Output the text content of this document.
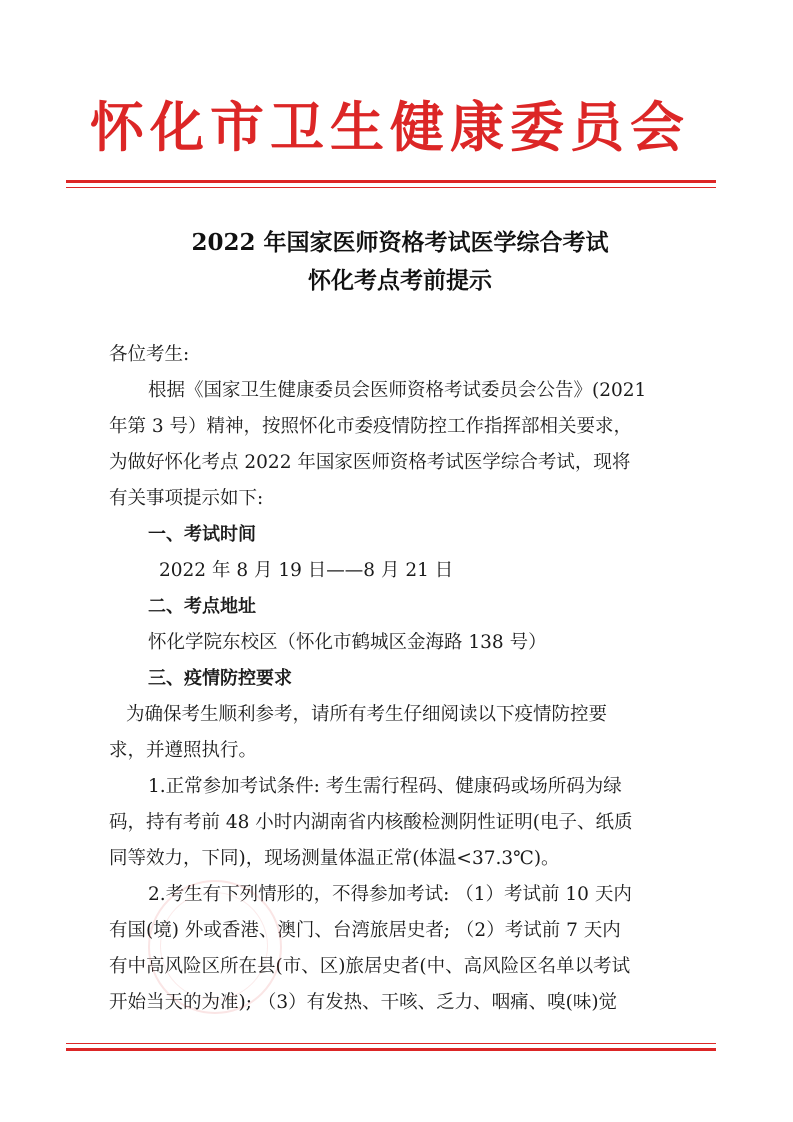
怀化市卫生健康委员会
2022 年国家医师资格考试医学综合考试
怀化考点考前提示
各位考生:
根据《国家卫生健康委员会医师资格考试委员会公告》(2021
年第 3 号）精神，按照怀化市委疫情防控工作指挥部相关要求，
为做好怀化考点 2022 年国家医师资格考试医学综合考试，现将
有关事项提示如下:
一、考试时间
2022 年 8 月 19 日——8 月 21 日
二、考点地址
怀化学院东校区（怀化市鹤城区金海路 138 号）
三、疫情防控要求
为确保考生顺利参考，请所有考生仔细阅读以下疫情防控要
求，并遵照执行。
1.正常参加考试条件: 考生需行程码、健康码或场所码为绿
码，持有考前 48 小时内湖南省内核酸检测阴性证明(电子、纸质
同等效力，下同)，现场测量体温正常(体温<37.3℃)。
2.考生有下列情形的，不得参加考试: （1）考试前 10 天内
有国(境) 外或香港、澳门、台湾旅居史者; （2）考试前 7 天内
有中高风险区所在县(市、区)旅居史者(中、高风险区名单以考试
开始当天的为准); （3）有发热、干咳、乏力、咽痛、嗅(味)觉
